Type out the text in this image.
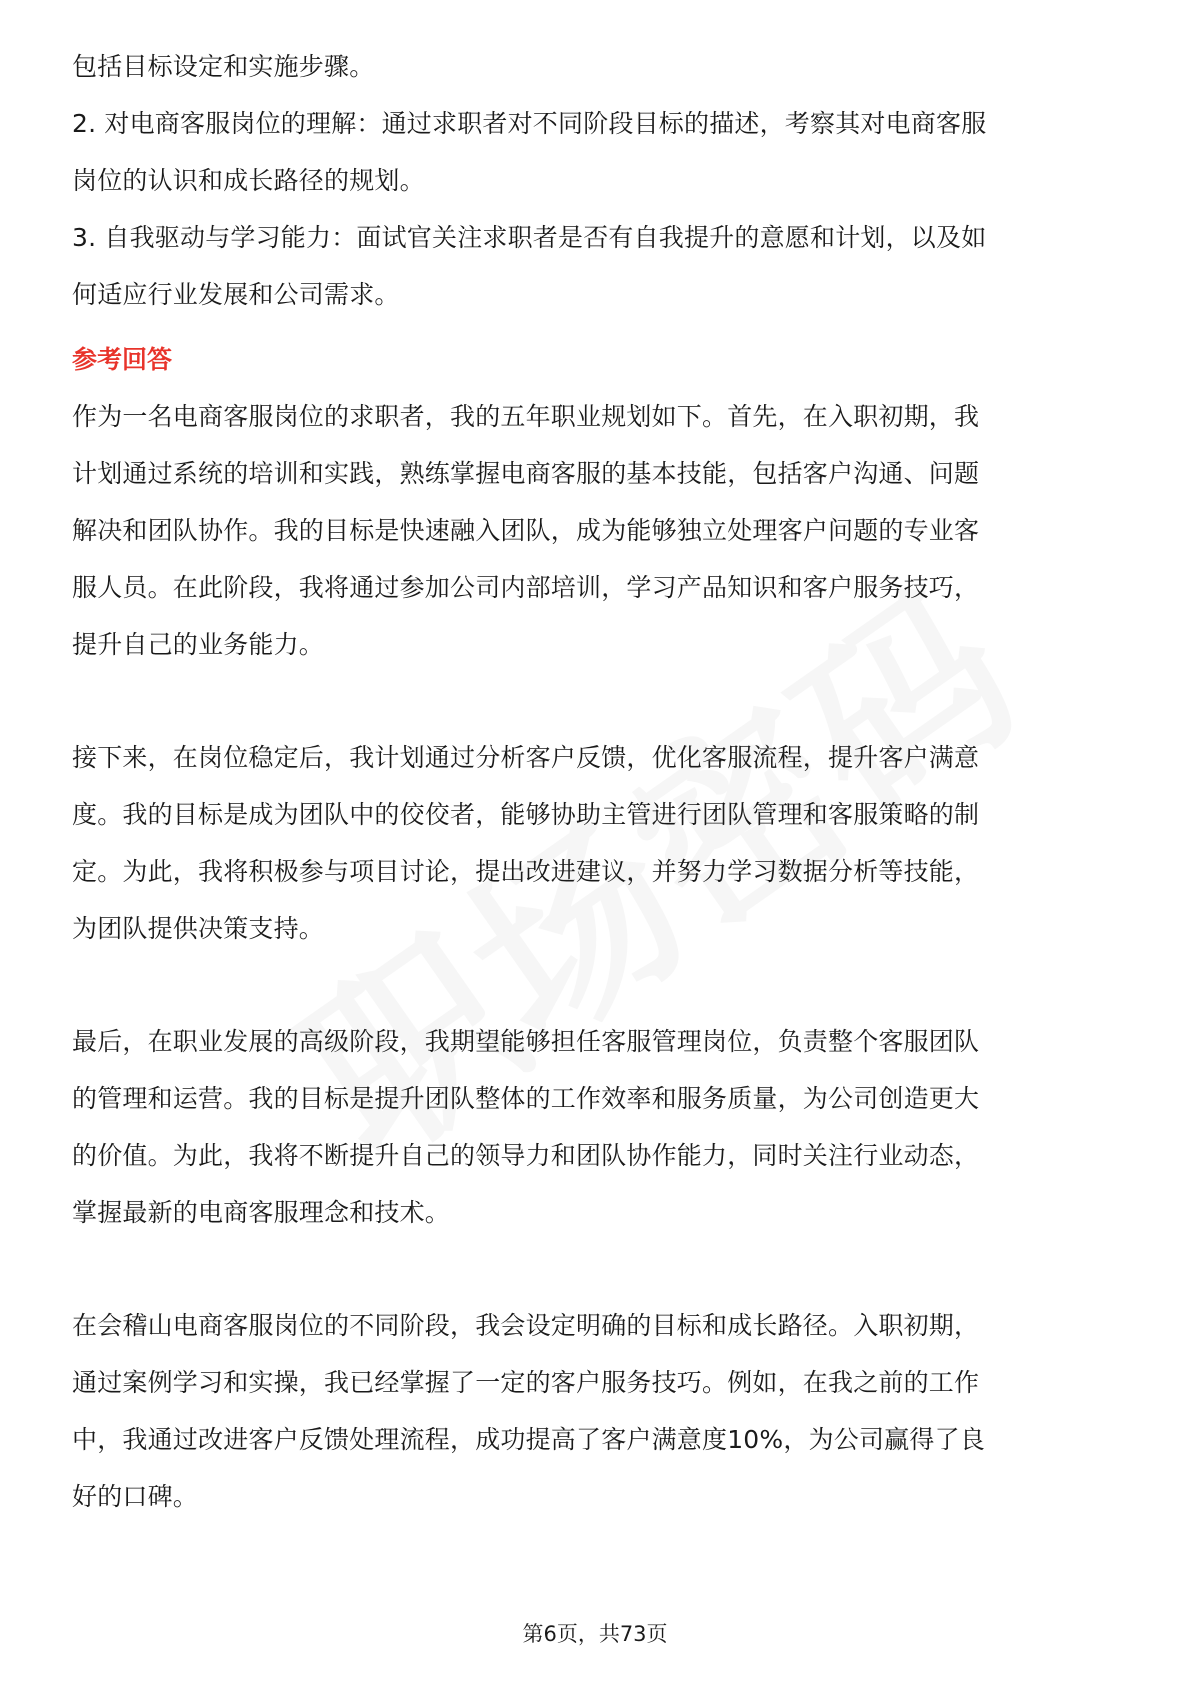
包括目标设定和实施步骤。

2. 对电商客服岗位的理解：通过求职者对不同阶段目标的描述，考察其对电商客服

岗位的认识和成长路径的规划。

3. 自我驱动与学习能力：面试官关注求职者是否有自我提升的意愿和计划，以及如

何适应行业发展和公司需求。

参考回答

作为一名电商客服岗位的求职者，我的五年职业规划如下。首先，在入职初期，我

计划通过系统的培训和实践，熟练掌握电商客服的基本技能，包括客户沟通、问题

解决和团队协作。我的目标是快速融入团队，成为能够独立处理客户问题的专业客

服人员。在此阶段，我将通过参加公司内部培训，学习产品知识和客户服务技巧，

提升自己的业务能力。

接下来，在岗位稳定后，我计划通过分析客户反馈，优化客服流程，提升客户满意

度。我的目标是成为团队中的佼佼者，能够协助主管进行团队管理和客服策略的制

定。为此，我将积极参与项目讨论，提出改进建议，并努力学习数据分析等技能，

为团队提供决策支持。

最后，在职业发展的高级阶段，我期望能够担任客服管理岗位，负责整个客服团队

的管理和运营。我的目标是提升团队整体的工作效率和服务质量，为公司创造更大

的价值。为此，我将不断提升自己的领导力和团队协作能力，同时关注行业动态，

掌握最新的电商客服理念和技术。

在会稽山电商客服岗位的不同阶段，我会设定明确的目标和成长路径。入职初期，

通过案例学习和实操，我已经掌握了一定的客户服务技巧。例如，在我之前的工作

中，我通过改进客户反馈处理流程，成功提高了客户满意度10%，为公司赢得了良

好的口碑。

第6页，共73页
